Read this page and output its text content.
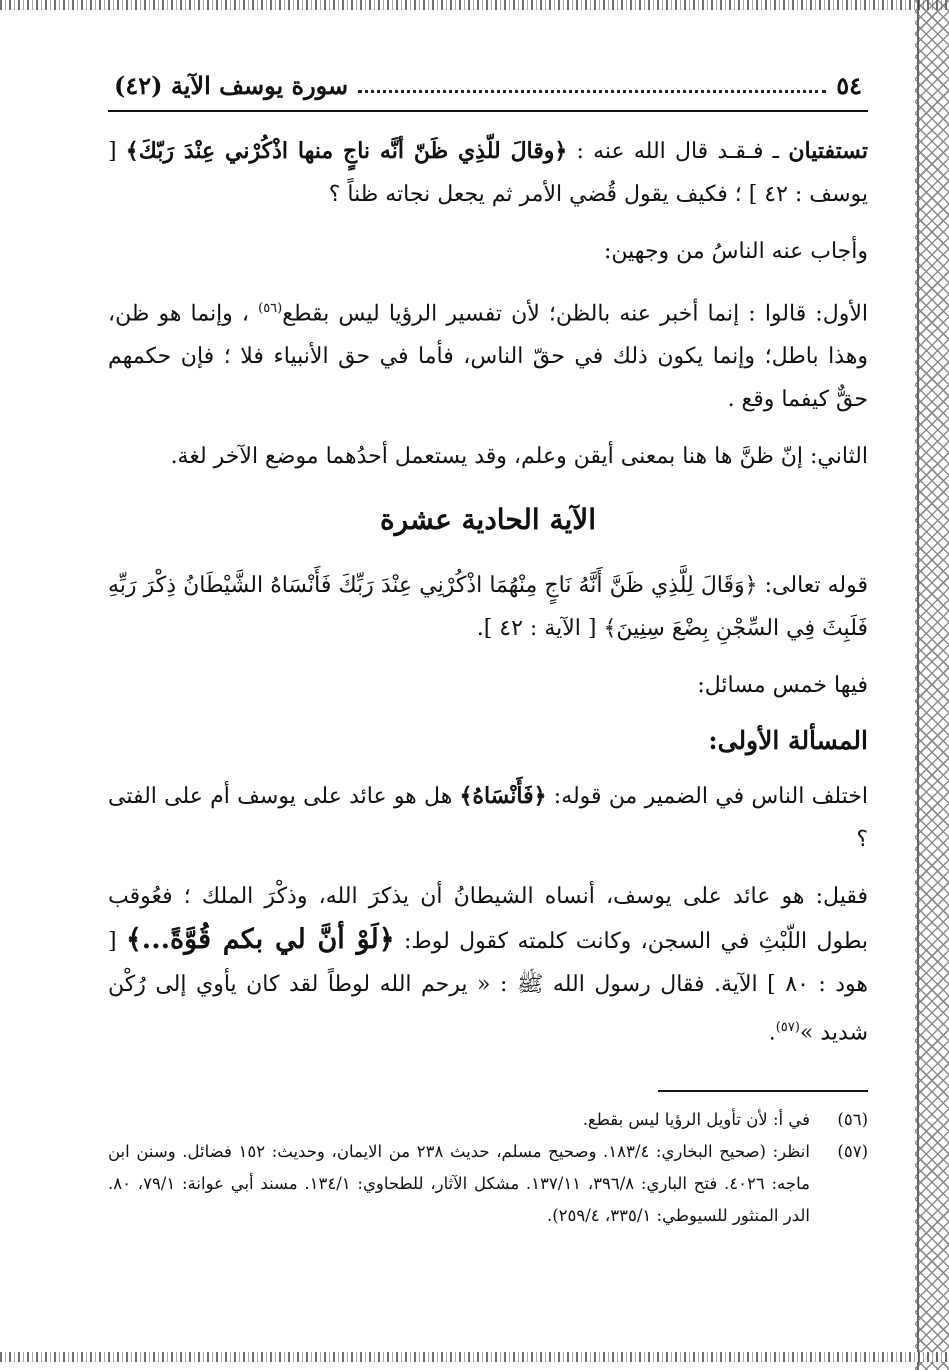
٥٤
سورة يوسف الآية (٤٢)

تستفتيان ـ فـقـد قال الله عنه : ﴿وقالَ للّذِي ظَنّ أنَّه ناجٍ منها اذْكُرْني عِنْدَ رَبّكَ﴾ [ يوسف : ٤٢ ] ؛ فكيف يقول قُضي الأمر ثم يجعل نجاته ظناً ؟

وأجاب عنه الناسُ من وجهين:

الأول: قالوا : إنما أخبر عنه بالظن؛ لأن تفسير الرؤيا ليس بقطع$^{(٥٦)}$ ، وإنما هو ظن، وهذا باطل؛ وإنما يكون ذلك في حقّ الناس، فأما في حق الأنبياء فلا ؛ فإن حكمهم حقٌّ كيفما وقع .

الثاني: إنّ ظنَّ ها هنا بمعنى أيقن وعلم، وقد يستعمل أحدُهما موضع الآخر لغة.

الآية الحادية عشرة

قوله تعالى: ﴿وَقَالَ لِلَّذِي ظَنَّ أَنَّهُ نَاجٍ مِنْهُمَا اذْكُرْنِي عِنْدَ رَبِّكَ فَأَنْسَاهُ الشَّيْطَانُ ذِكْرَ رَبِّهِ فَلَبِثَ فِي السِّجْنِ بِضْعَ سِنِينَ﴾ [ الآية : ٤٢ ].

فيها خمس مسائل:

المسألة الأولى:

اختلف الناس في الضمير من قوله: ﴿فَأَنْسَاهُ﴾ هل هو عائد على يوسف أم على الفتى ؟

فقيل: هو عائد على يوسف، أنساه الشيطانُ أن يذكرَ الله، وذكْرَ الملك ؛ فعُوقب بطول اللّبْثِ في السجن، وكانت كلمته كقول لوط: ﴿لَوْ أنَّ لي بكم قُوَّةً...﴾ [ هود : ٨٠ ] الآية. فقال رسول الله ﷺ : « يرحم الله لوطاً لقد كان يأوي إلى رُكْن شديد »$^{(٥٧)}$.

(٥٦)
في أ: لأن تأويل الرؤيا ليس بقطع.
(٥٧)
انظر: (صحيح البخاري: ١٨٣/٤. وصحيح مسلم، حديث ٢٣٨ من الايمان، وحديث: ١٥٢ فضائل. وسنن ابن ماجه: ٤٠٢٦. فتح الباري: ٣٩٦/٨، ١٣٧/١١. مشكل الآثار، للطحاوي: ١٣٤/١. مسند أبي عوانة: ٧٩/١، ٨٠. الدر المنثور للسيوطي: ٣٣٥/١، ٢٥٩/٤).
